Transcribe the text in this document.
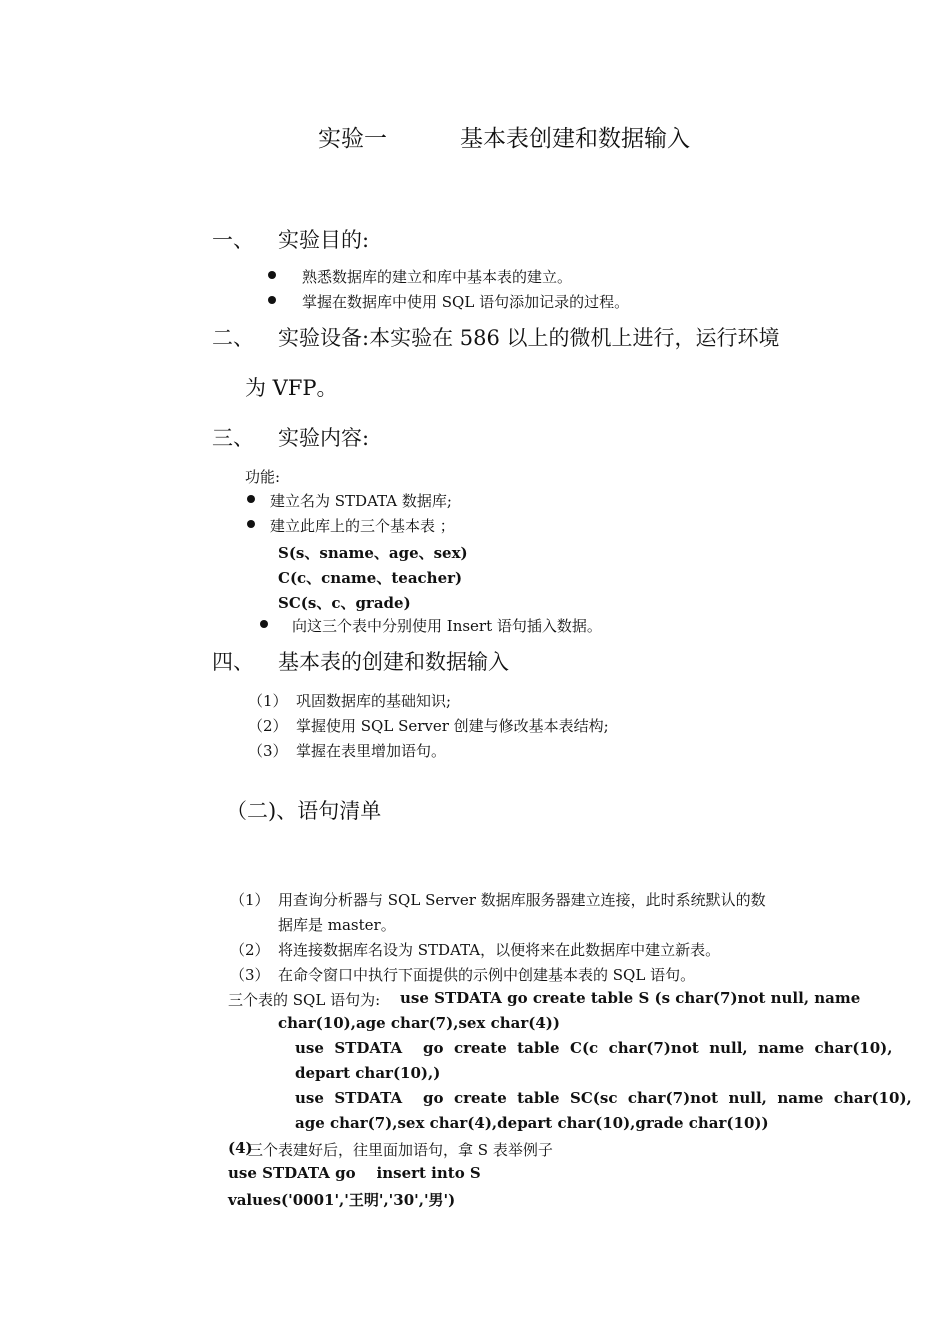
实验一	基本表创建和数据输入
一、 实验目的:
熟悉数据库的建立和库中基本表的建立。
掌握在数据库中使用 SQL 语句添加记录的过程。
二、 实验设备:本实验在 586 以上的微机上进行，运行环境
为 VFP。
三、 实验内容:
功能:
建立名为 STDATA 数据库;
建立此库上的三个基本表 ；
S(s、sname、age、sex)
C(c、cname、teacher)
SC(s、c、grade)
向这三个表中分别使用 Insert 语句插入数据。
四、 基本表的创建和数据输入
（1） 巩固数据库的基础知识;
（2） 掌握使用 SQL Server 创建与修改基本表结构;
（3） 掌握在表里增加语句。
（二)、语句清单
（1） 用查询分析器与 SQL Server 数据库服务器建立连接，此时系统默认的数
据库是 master。
（2） 将连接数据库名设为 STDATA，以便将来在此数据库中建立新表。
（3） 在命令窗口中执行下面提供的示例中创建基本表的 SQL 语句。
三个表的 SQL 语句为: use STDATA go create table S (s char(7)not null, name
char(10),age char(7),sex char(4))
use  STDATA    go  create  table  C(c  char(7)not  null,  name  char(10),
depart char(10),)
use  STDATA    go  create  table  SC(sc  char(7)not  null,  name  char(10),
age char(7),sex char(4),depart char(10),grade char(10))
(4)
三个表建好后，往里面加语句，拿 S 表举例子
use STDATA go    insert into S
values('0001','王明','30','男')
